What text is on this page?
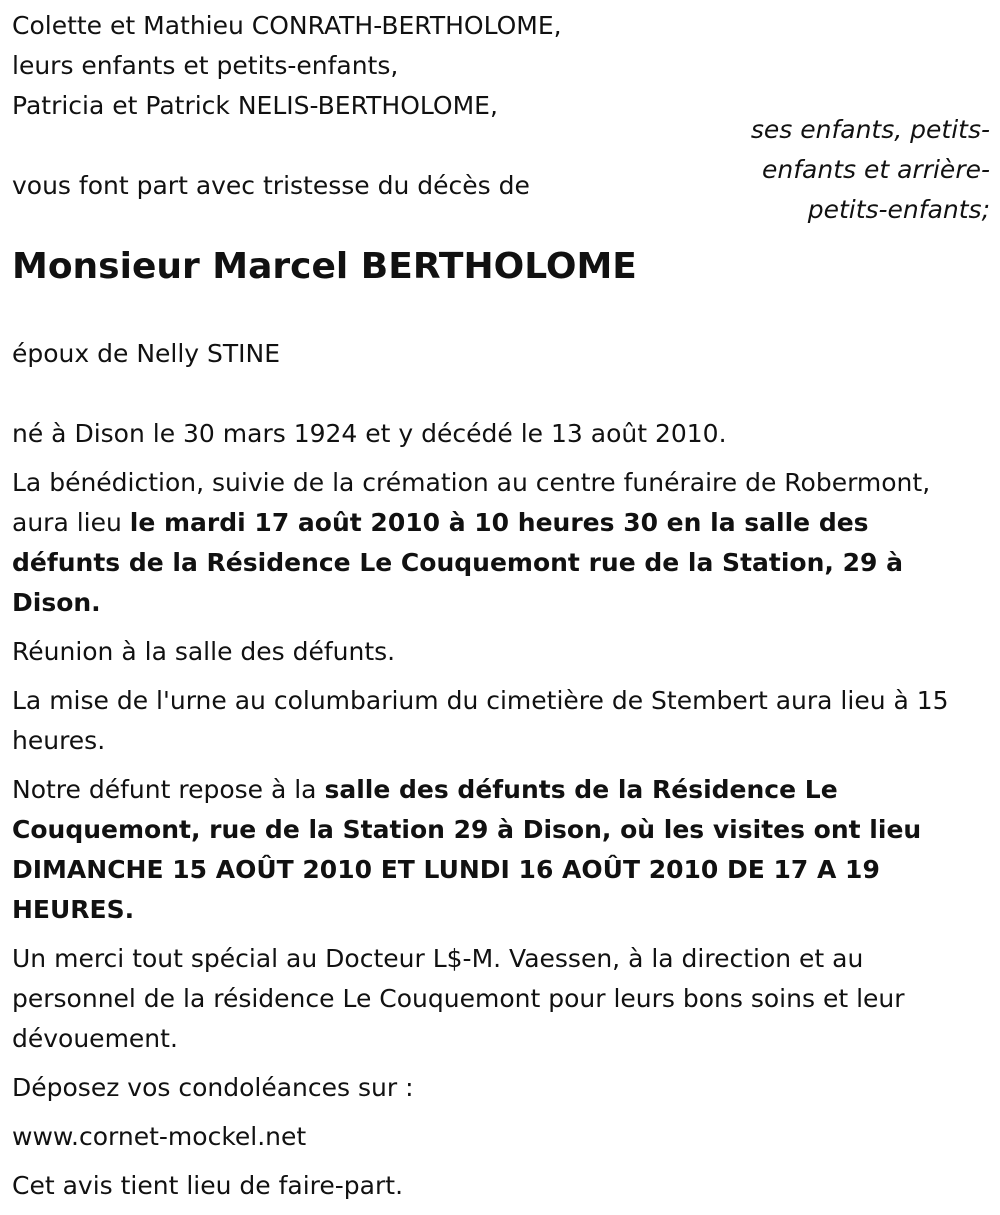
Colette et Mathieu CONRATH-BERTHOLOME,
leurs enfants et petits-enfants,
Patricia et Patrick NELIS-BERTHOLOME,
ses enfants, petits-
enfants et arrière-
petits-enfants;
vous font part avec tristesse du décès de
Monsieur Marcel BERTHOLOME
époux de Nelly STINE

né à Dison le 30 mars 1924 et y décédé le 13 août 2010.

La bénédiction, suivie de la crémation au centre funéraire de Robermont, aura lieu le mardi 17 août 2010 à 10 heures 30 en la salle des défunts de la Résidence Le Couquemont rue de la Station, 29 à Dison.

Réunion à la salle des défunts.

La mise de l'urne au columbarium du cimetière de Stembert aura lieu à 15 heures.

Notre défunt repose à la salle des défunts de la Résidence Le Couquemont, rue de la Station 29 à Dison, où les visites ont lieu DIMANCHE 15 AOÛT 2010 ET LUNDI 16 AOÛT 2010 DE 17 A 19 HEURES.

Un merci tout spécial au Docteur L$-M. Vaessen, à la direction et au personnel de la résidence Le Couquemont pour leurs bons soins et leur dévouement.

Déposez vos condoléances sur :

www.cornet-mockel.net

Cet avis tient lieu de faire-part.
